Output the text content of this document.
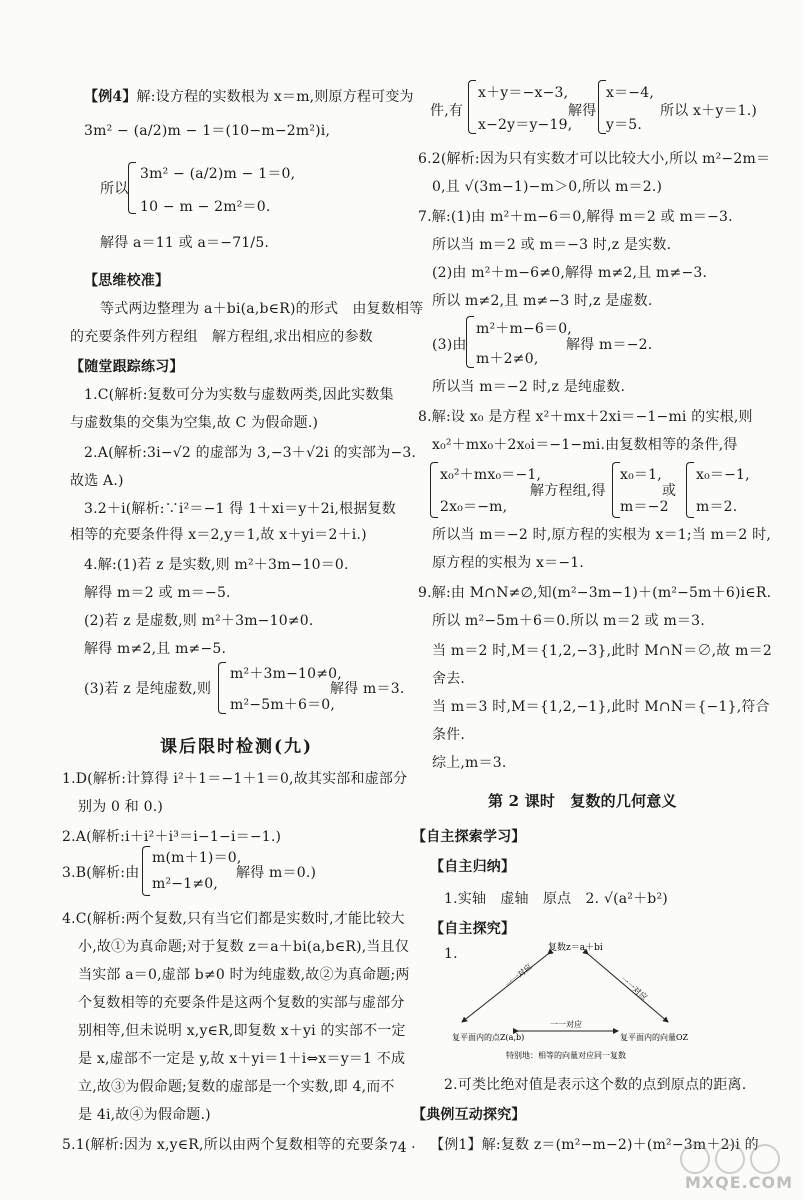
【例4】解:设方程的实数根为 x＝m,则原方程可变为
3m² − (a/2)m − 1＝(10−m−2m²)i,
所以
3m² − (a/2)m − 1＝0,
10 − m − 2m²＝0.
解得 a＝11 或 a＝−71/5.
【思维校准】
等式两边整理为 a＋bi(a,b∈R)的形式　由复数相等
的充要条件列方程组　解方程组,求出相应的参数
【随堂跟踪练习】
1.C(解析:复数可分为实数与虚数两类,因此实数集
与虚数集的交集为空集,故 C 为假命题.)
2.A(解析:3i−√2 的虚部为 3,−3＋√2i 的实部为−3.
故选 A.)
3.2＋i(解析:∵i²＝−1 得 1＋xi＝y＋2i,根据复数
相等的充要条件得 x＝2,y＝1,故 x＋yi＝2＋i.)
4.解:(1)若 z 是实数,则 m²＋3m−10＝0.
解得 m＝2 或 m＝−5.
(2)若 z 是虚数,则 m²＋3m−10≠0.
解得 m≠2,且 m≠−5.
(3)若 z 是纯虚数,则
m²＋3m−10≠0,
m²−5m＋6＝0,
解得 m＝3.
课后限时检测(九)
1.D(解析:计算得 i²＋1＝−1＋1＝0,故其实部和虚部分
别为 0 和 0.)
2.A(解析:i＋i²＋i³＝i−1−i＝−1.)
3.B(解析:由
m(m＋1)＝0,
m²−1≠0,
解得 m＝0.)
4.C(解析:两个复数,只有当它们都是实数时,才能比较大
小,故①为真命题;对于复数 z＝a＋bi(a,b∈R),当且仅
当实部 a＝0,虚部 b≠0 时为纯虚数,故②为真命题;两
个复数相等的充要条件是这两个复数的实部与虚部分
别相等,但未说明 x,y∈R,即复数 x＋yi 的实部不一定
是 x,虚部不一定是 y,故 x＋yi＝1＋i⇔x＝y＝1 不成
立,故③为假命题;复数的虚部是一个实数,即 4,而不
是 4i,故④为假命题.)
5.1(解析:因为 x,y∈R,所以由两个复数相等的充要条
件,有
x＋y＝−x−3,
x−2y＝y−19,
解得
x＝−4,
y＝5.
所以 x＋y＝1.)
6.2(解析:因为只有实数才可以比较大小,所以 m²−2m＝
0,且 √(3m−1)−m＞0,所以 m＝2.)
7.解:(1)由 m²＋m−6＝0,解得 m＝2 或 m＝−3.
所以当 m＝2 或 m＝−3 时,z 是实数.
(2)由 m²＋m−6≠0,解得 m≠2,且 m≠−3.
所以 m≠2,且 m≠−3 时,z 是虚数.
(3)由
m²＋m−6＝0,
m＋2≠0,
解得 m＝−2.
所以当 m＝−2 时,z 是纯虚数.
8.解:设 x₀ 是方程 x²＋mx＋2xi＝−1−mi 的实根,则
x₀²＋mx₀＋2x₀i＝−1−mi.由复数相等的条件,得
x₀²＋mx₀＝−1,
2x₀＝−m,
解方程组,得
x₀＝1,
m＝−2
或
x₀＝−1,
m＝2.
所以当 m＝−2 时,原方程的实根为 x＝1;当 m＝2 时,
原方程的实根为 x＝−1.
9.解:由 M∩N≠∅,知(m²−3m−1)＋(m²−5m＋6)i∈R.
所以 m²−5m＋6＝0.所以 m＝2 或 m＝3.
当 m＝2 时,M＝{1,2,−3},此时 M∩N＝∅,故 m＝2
舍去.
当 m＝3 时,M＝{1,2,−1},此时 M∩N＝{−1},符合
条件.
综上,m＝3.
第 2 课时　复数的几何意义
【自主探索学习】
【自主归纳】
1.实轴　虚轴　原点　2. √(a²＋b²)
【自主探究】
1.	复数z＝a＋bi
一一对应	一一对应
一一对应
复平面内的点Z(a,b)	复平面内的向量OZ
特别地：相等的向量对应同一复数
2.可类比绝对值是表示这个数的点到原点的距离.
【典例互动探究】
【例1】解:复数 z＝(m²−m−2)＋(m²−3m＋2)i 的
· 74 ·
MXQE.COM
